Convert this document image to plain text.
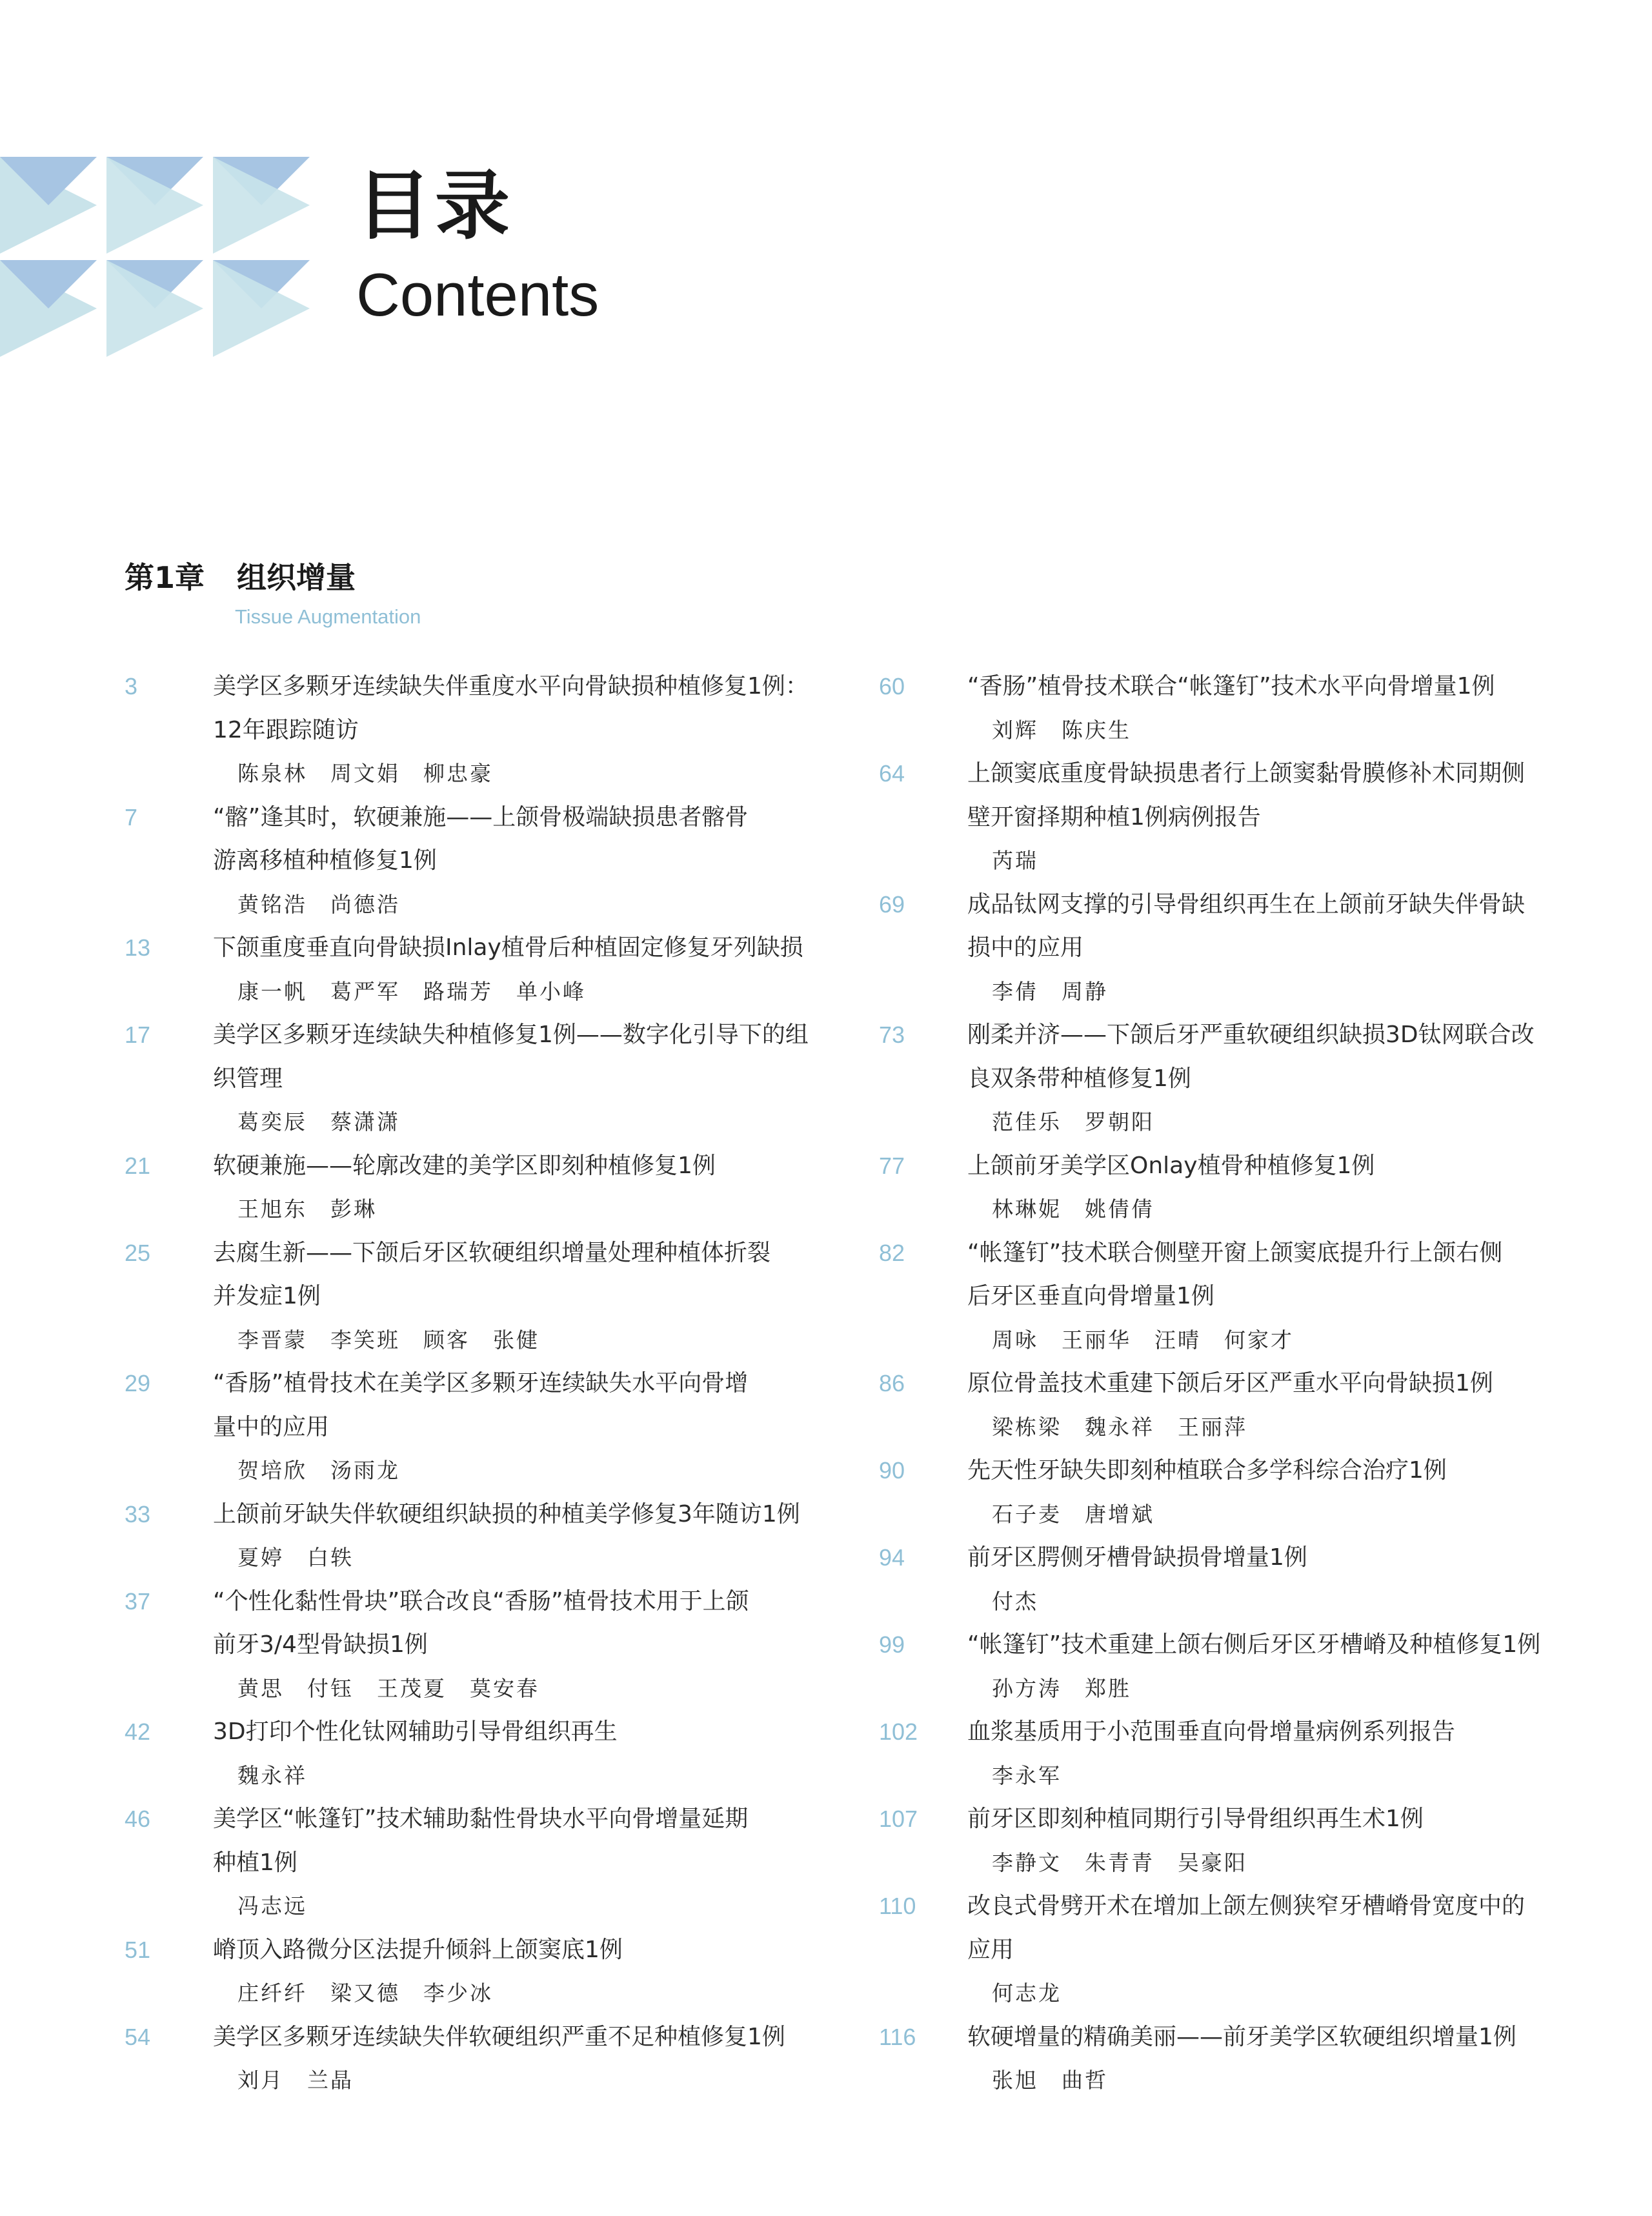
目录
Contents
第1章 组织增量
Tissue Augmentation
3	美学区多颗牙连续缺失伴重度水平向骨缺损种植修复1例：
12年跟踪随访
陈泉林　周文娟　柳忠豪
7	“髂”逢其时，软硬兼施——上颌骨极端缺损患者髂骨
游离移植种植修复1例
黄铭浩　尚德浩
13	下颌重度垂直向骨缺损Inlay植骨后种植固定修复牙列缺损
康一帆　葛严军　路瑞芳　单小峰
17	美学区多颗牙连续缺失种植修复1例——数字化引导下的组
织管理
葛奕辰　蔡潇潇
21	软硬兼施——轮廓改建的美学区即刻种植修复1例
王旭东　彭琳
25	去腐生新——下颌后牙区软硬组织增量处理种植体折裂
并发症1例
李晋蒙　李笑班　顾客　张健
29	“香肠”植骨技术在美学区多颗牙连续缺失水平向骨增
量中的应用
贺培欣　汤雨龙
33	上颌前牙缺失伴软硬组织缺损的种植美学修复3年随访1例
夏婷　白轶
37	“个性化黏性骨块”联合改良“香肠”植骨技术用于上颌
前牙3/4型骨缺损1例
黄思　付钰　王茂夏　莫安春
42	3D打印个性化钛网辅助引导骨组织再生
魏永祥
46	美学区“帐篷钉”技术辅助黏性骨块水平向骨增量延期
种植1例
冯志远
51	嵴顶入路微分区法提升倾斜上颌窦底1例
庄纤纤　梁又德　李少冰
54	美学区多颗牙连续缺失伴软硬组织严重不足种植修复1例
刘月　兰晶
60	“香肠”植骨技术联合“帐篷钉”技术水平向骨增量1例
刘辉　陈庆生
64	上颌窦底重度骨缺损患者行上颌窦黏骨膜修补术同期侧
壁开窗择期种植1例病例报告
芮瑞
69	成品钛网支撑的引导骨组织再生在上颌前牙缺失伴骨缺
损中的应用
李倩　周静
73	刚柔并济——下颌后牙严重软硬组织缺损3D钛网联合改
良双条带种植修复1例
范佳乐　罗朝阳
77	上颌前牙美学区Onlay植骨种植修复1例
林琳妮　姚倩倩
82	“帐篷钉”技术联合侧壁开窗上颌窦底提升行上颌右侧
后牙区垂直向骨增量1例
周咏　王丽华　汪晴　何家才
86	原位骨盖技术重建下颌后牙区严重水平向骨缺损1例
梁栋梁　魏永祥　王丽萍
90	先天性牙缺失即刻种植联合多学科综合治疗1例
石子麦　唐增斌
94	前牙区腭侧牙槽骨缺损骨增量1例
付杰
99	“帐篷钉”技术重建上颌右侧后牙区牙槽嵴及种植修复1例
孙方涛　郑胜
102	血浆基质用于小范围垂直向骨增量病例系列报告
李永军
107	前牙区即刻种植同期行引导骨组织再生术1例
李静文　朱青青　吴豪阳
110	改良式骨劈开术在增加上颌左侧狭窄牙槽嵴骨宽度中的
应用
何志龙
116	软硬增量的精确美丽——前牙美学区软硬组织增量1例
张旭　曲哲
